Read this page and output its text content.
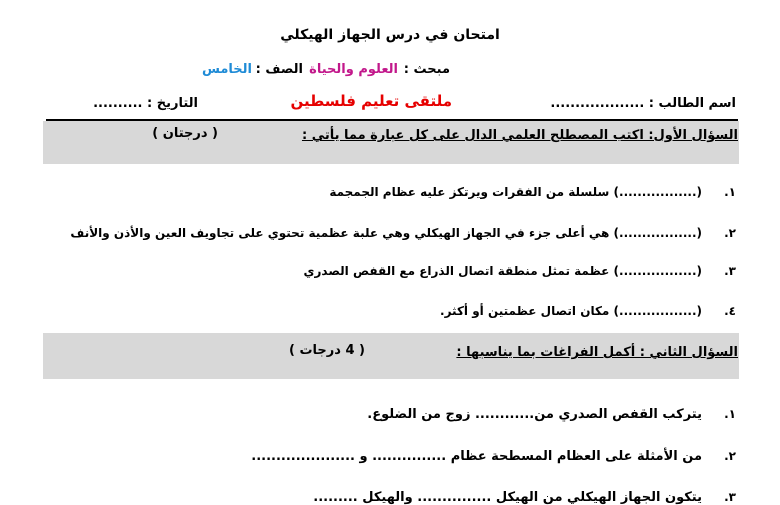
امتحان في درس الجهاز الهيكلي
مبحث :
العلوم والحياة
الصف :
الخامس
اسم الطالب : ...................
ملتقى تعليم فلسطين
التاريخ : ..........
السؤال الأول: اكتب المصطلح العلمي الدال على كل عبارة مما يأتي :
( درجتان )
١.
(.................) سلسلة من الفقرات ويرتكز عليه عظام الجمجمة
٢.
(.................) هي أعلى جزء في الجهاز الهيكلي وهي علبة عظمية تحتوي على تجاويف العين والأذن والأنف
٣.
(.................) عظمة تمثل منطقة اتصال الذراع مع القفص الصدري
٤.
(.................) مكان اتصال عظمتين أو أكثر.
السؤال الثاني : أكمل الفراغات بما يناسبها :
( 4 درجات )
١.
يتركب القفص الصدري من............ زوج من الضلوع.
٢.
من الأمثلة على العظام المسطحة عظام ............... و .....................
٣.
يتكون الجهاز الهيكلي من الهيكل ............... والهيكل .........
